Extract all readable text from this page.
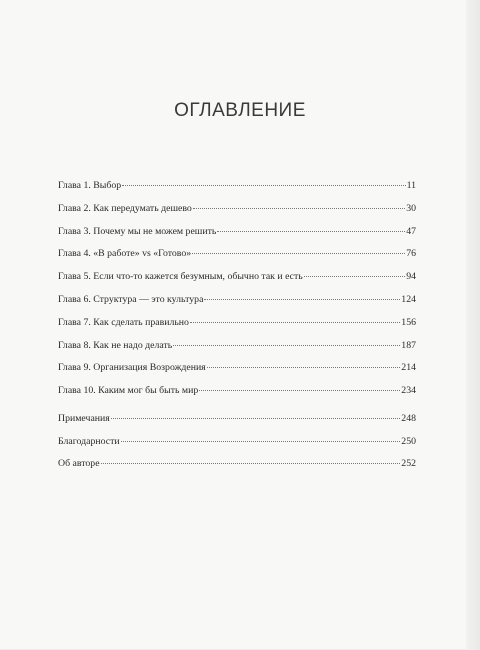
ОГЛАВЛЕНИЕ
Глава 1. Выбор	11
Глава 2. Как передумать дешево	30
Глава 3. Почему мы не можем решить	47
Глава 4. «В работе» vs «Готово»	76
Глава 5. Если что-то кажется безумным, обычно так и есть	94
Глава 6. Структура — это культура	124
Глава 7. Как сделать правильно	156
Глава 8. Как не надо делать	187
Глава 9. Организация Возрождения	214
Глава 10. Каким мог бы быть мир	234
Примечания	248
Благодарности	250
Об авторе	252
